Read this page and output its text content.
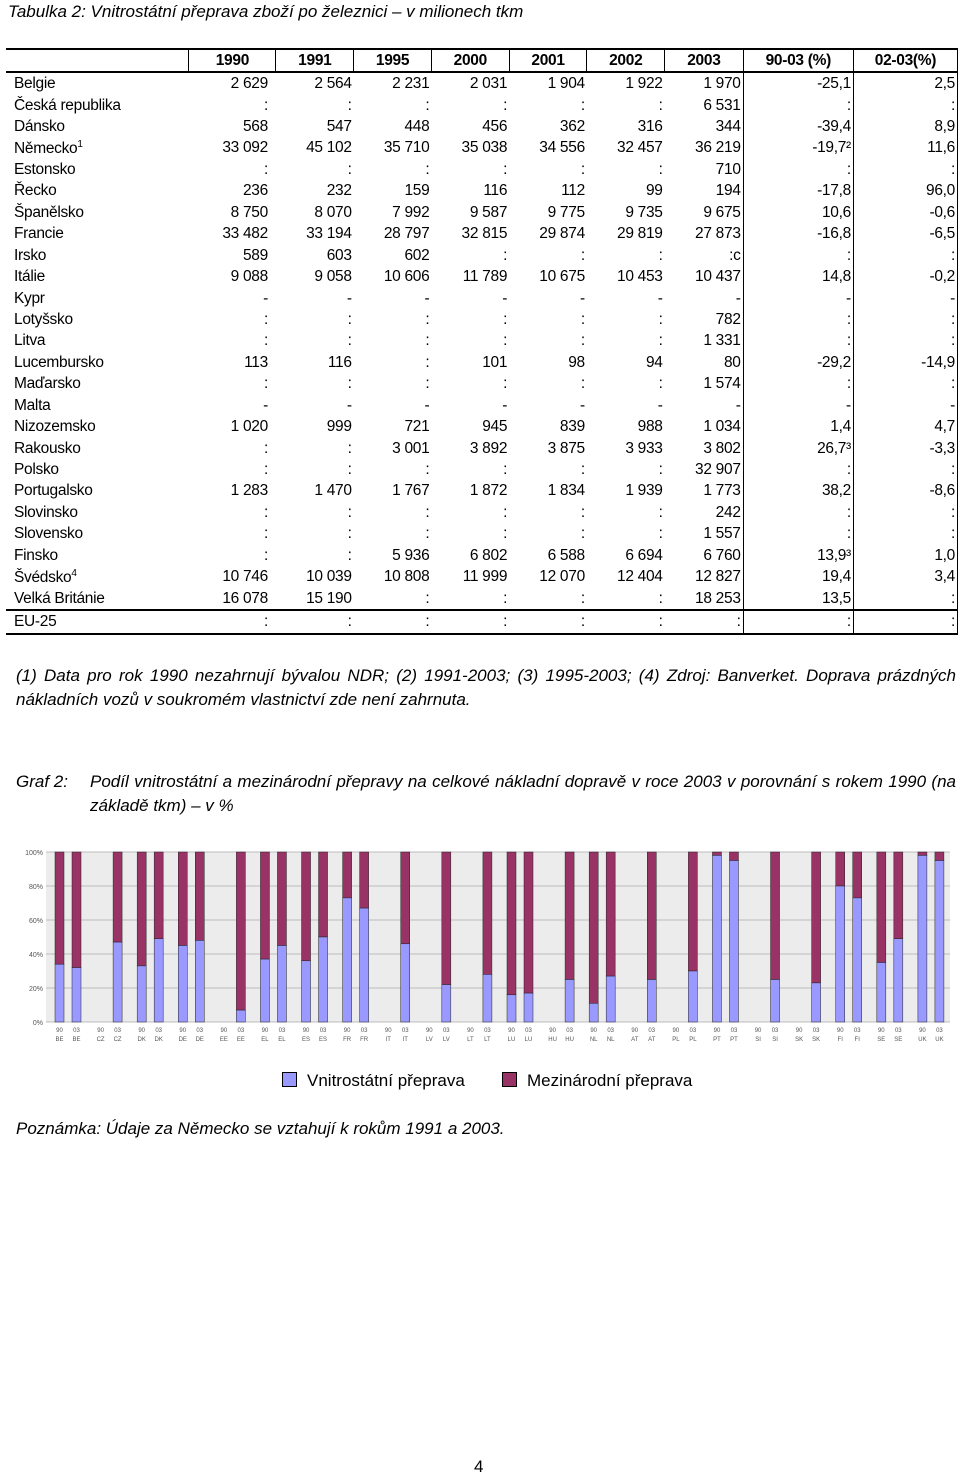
Tabulka 2: Vnitrostátní přeprava zboží po železnici – v milionech tkm
	1990	1991	1995	2000	2001	2002	2003	90-03 (%)	02-03(%)
Belgie	2 629	2 564	2 231	2 031	1 904	1 922	1 970	-25,1	2,5
Česká republika	:	:	:	:	:	:	6 531	:	:
Dánsko	568	547	448	456	362	316	344	-39,4	8,9
Německo$^1$	33 092	45 102	35 710	35 038	34 556	32 457	36 219	-19,7²	11,6
Estonsko	:	:	:	:	:	:	710	:	:
Řecko	236	232	159	116	112	99	194	-17,8	96,0
Španělsko	8 750	8 070	7 992	9 587	9 775	9 735	9 675	10,6	-0,6
Francie	33 482	33 194	28 797	32 815	29 874	29 819	27 873	-16,8	-6,5
Irsko	589	603	602	:	:	:	:c	:	:
Itálie	9 088	9 058	10 606	11 789	10 675	10 453	10 437	14,8	-0,2
Kypr	-	-	-	-	-	-	-	-	-
Lotyšsko	:	:	:	:	:	:	782	:	:
Litva	:	:	:	:	:	:	1 331	:	:
Lucembursko	113	116	:	101	98	94	80	-29,2	-14,9
Maďarsko	:	:	:	:	:	:	1 574	:	:
Malta	-	-	-	-	-	-	-	-	-
Nizozemsko	1 020	999	721	945	839	988	1 034	1,4	4,7
Rakousko	:	:	3 001	3 892	3 875	3 933	3 802	26,7³	-3,3
Polsko	:	:	:	:	:	:	32 907	:	:
Portugalsko	1 283	1 470	1 767	1 872	1 834	1 939	1 773	38,2	-8,6
Slovinsko	:	:	:	:	:	:	242	:	:
Slovensko	:	:	:	:	:	:	1 557	:	:
Finsko	:	:	5 936	6 802	6 588	6 694	6 760	13,9³	1,0
Švédsko$^4$	10 746	10 039	10 808	11 999	12 070	12 404	12 827	19,4	3,4
Velká Británie	16 078	15 190	:	:	:	:	18 253	13,5	:
EU-25	:	:	:	:	:	:	:	:	:
(1) Data pro rok 1990 nezahrnují bývalou NDR; (2) 1991-2003; (3) 1995-2003; (4) Zdroj: Banverket. Doprava prázdných nákladních vozů v soukromém vlastnictví zde není zahrnuta.
Graf 2: Podíl vnitrostátní a mezinárodní přepravy na celkové nákladní dopravě v roce 2003 v porovnání s rokem 1990 (na základě tkm) – v %
0%
20%
40%
60%
80%
100%
90
BE
03
BE
90
CZ
03
CZ
90
DK
03
DK
90
DE
03
DE
90
EE
03
EE
90
EL
03
EL
90
ES
03
ES
90
FR
03
FR
90
IT
03
IT
90
LV
03
LV
90
LT
03
LT
90
LU
03
LU
90
HU
03
HU
90
NL
03
NL
90
AT
03
AT
90
PL
03
PL
90
PT
03
PT
90
SI
03
SI
90
SK
03
SK
90
FI
03
FI
90
SE
03
SE
90
UK
03
UK
Vnitrostátní přeprava	Mezinárodní přeprava
Poznámka: Údaje za Německo se vztahují k rokům 1991 a 2003.
4
